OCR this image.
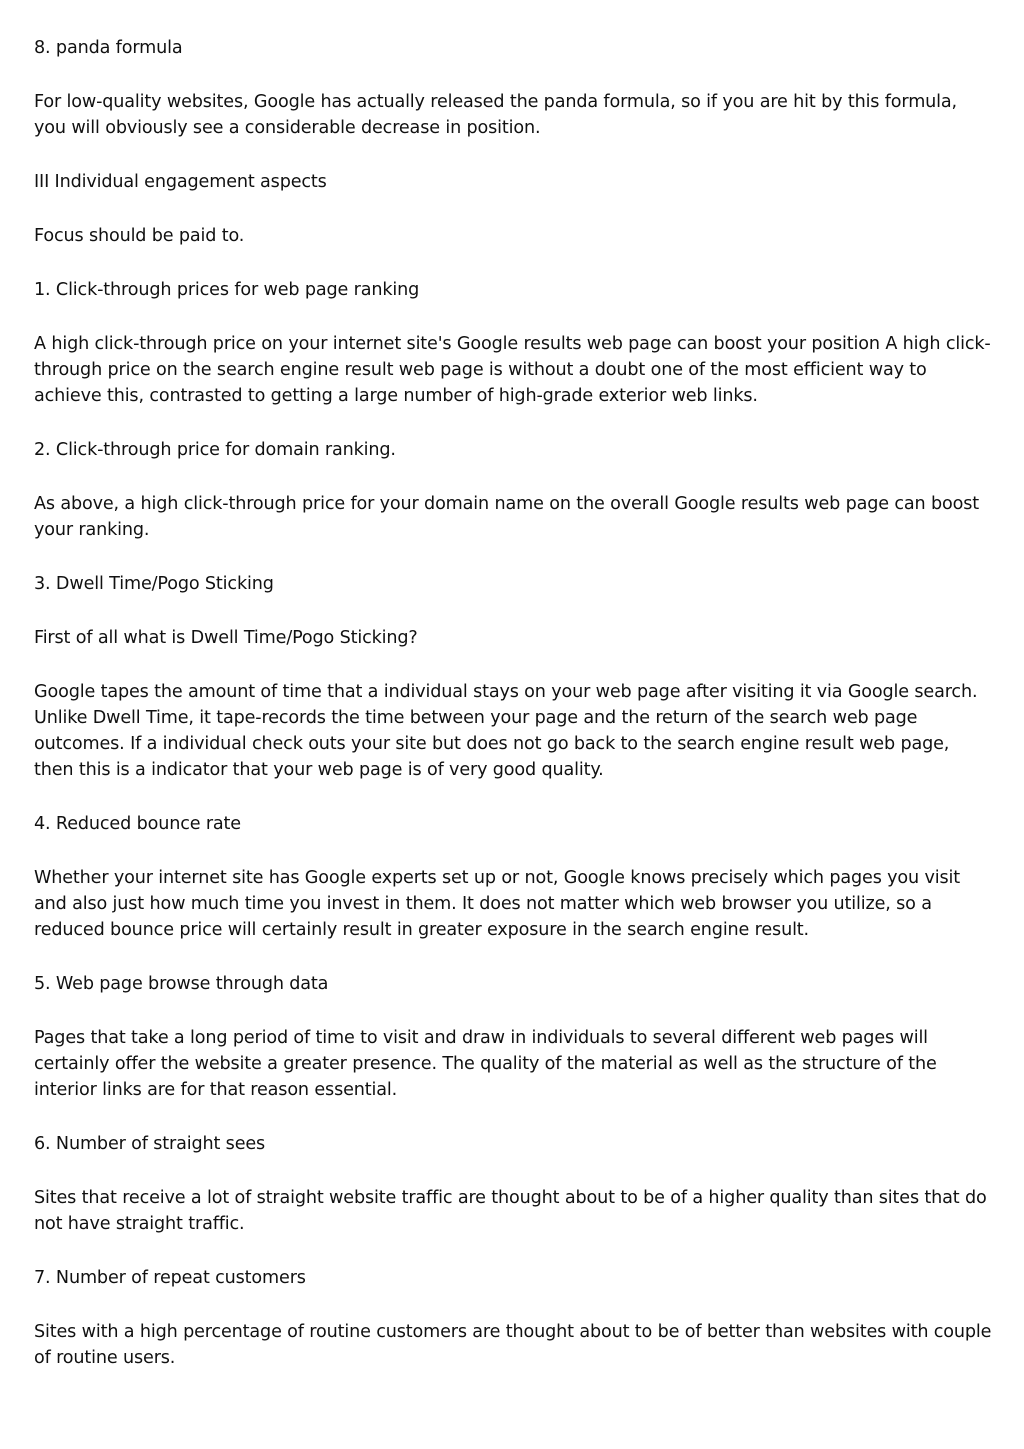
8. panda formula

For low-quality websites, Google has actually released the panda formula, so if you are hit by this formula, you will obviously see a considerable decrease in position.

III Individual engagement aspects

Focus should be paid to.

1. Click-through prices for web page ranking

A high click-through price on your internet site's Google results web page can boost your position A high click-through price on the search engine result web page is without a doubt one of the most efficient way to achieve this, contrasted to getting a large number of high-grade exterior web links.

2. Click-through price for domain ranking.

As above, a high click-through price for your domain name on the overall Google results web page can boost your ranking.

3. Dwell Time/Pogo Sticking

First of all what is Dwell Time/Pogo Sticking?

Google tapes the amount of time that a individual stays on your web page after visiting it via Google search. Unlike Dwell Time, it tape-records the time between your page and the return of the search web page outcomes. If a individual check outs your site but does not go back to the search engine result web page, then this is a indicator that your web page is of very good quality.

4. Reduced bounce rate

Whether your internet site has Google experts set up or not, Google knows precisely which pages you visit and also just how much time you invest in them. It does not matter which web browser you utilize, so a reduced bounce price will certainly result in greater exposure in the search engine result.

5. Web page browse through data

Pages that take a long period of time to visit and draw in individuals to several different web pages will certainly offer the website a greater presence. The quality of the material as well as the structure of the interior links are for that reason essential.

6. Number of straight sees

Sites that receive a lot of straight website traffic are thought about to be of a higher quality than sites that do not have straight traffic.

7. Number of repeat customers

Sites with a high percentage of routine customers are thought about to be of better than websites with couple of routine users.
